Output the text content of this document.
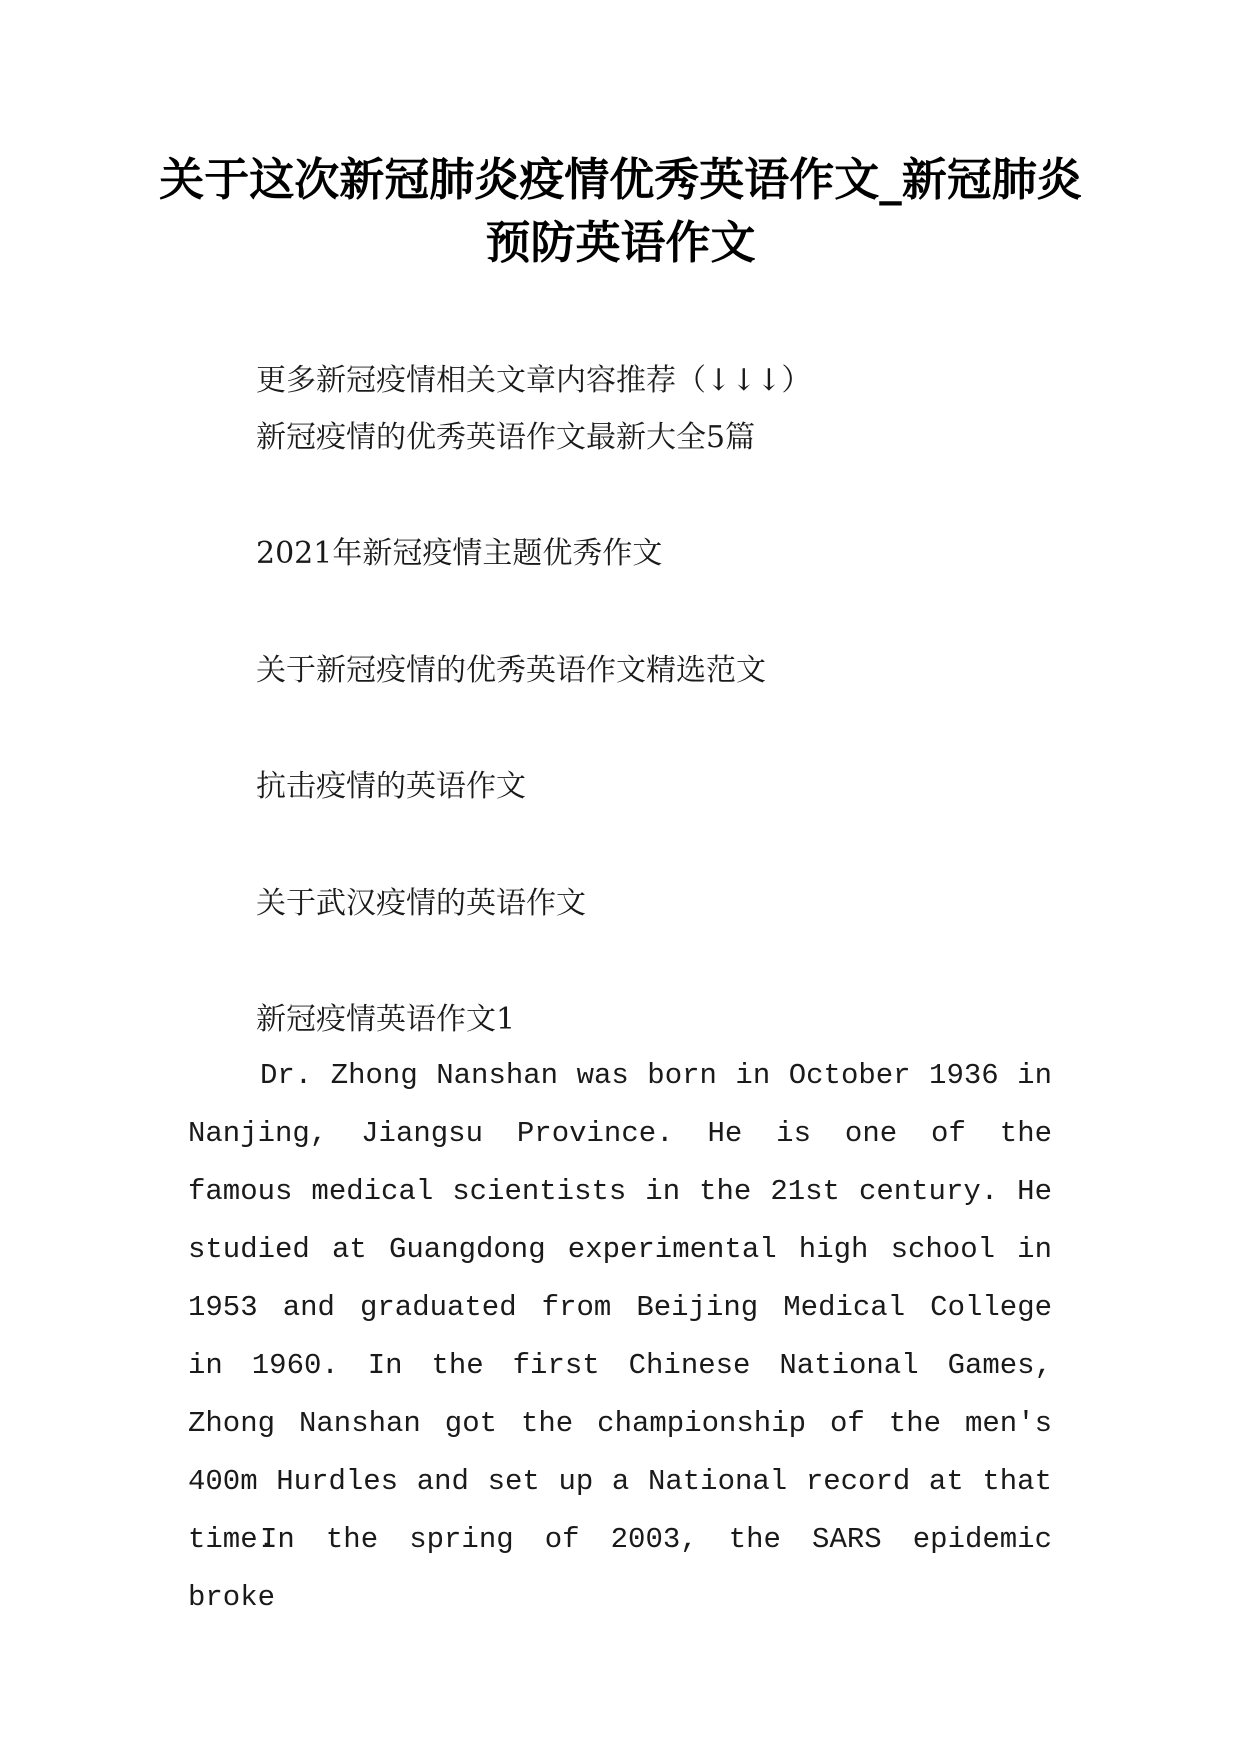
关于这次新冠肺炎疫情优秀英语作文_新冠肺炎预防英语作文
更多新冠疫情相关文章内容推荐（↓↓↓）
新冠疫情的优秀英语作文最新大全5篇
2021年新冠疫情主题优秀作文
关于新冠疫情的优秀英语作文精选范文
抗击疫情的英语作文
关于武汉疫情的英语作文
新冠疫情英语作文1

Dr. Zhong Nanshan was born in October 1936 in Nanjing, Jiangsu Province. He is one of the famous medical scientists in the 21st century. He studied at Guangdong experimental high school in 1953 and graduated from Beijing Medical College in 1960. In the first Chinese National Games, Zhong Nanshan got the championship of the men's 400m Hurdles and set up a National record at that time.

In the spring of 2003, the SARS epidemic broke
